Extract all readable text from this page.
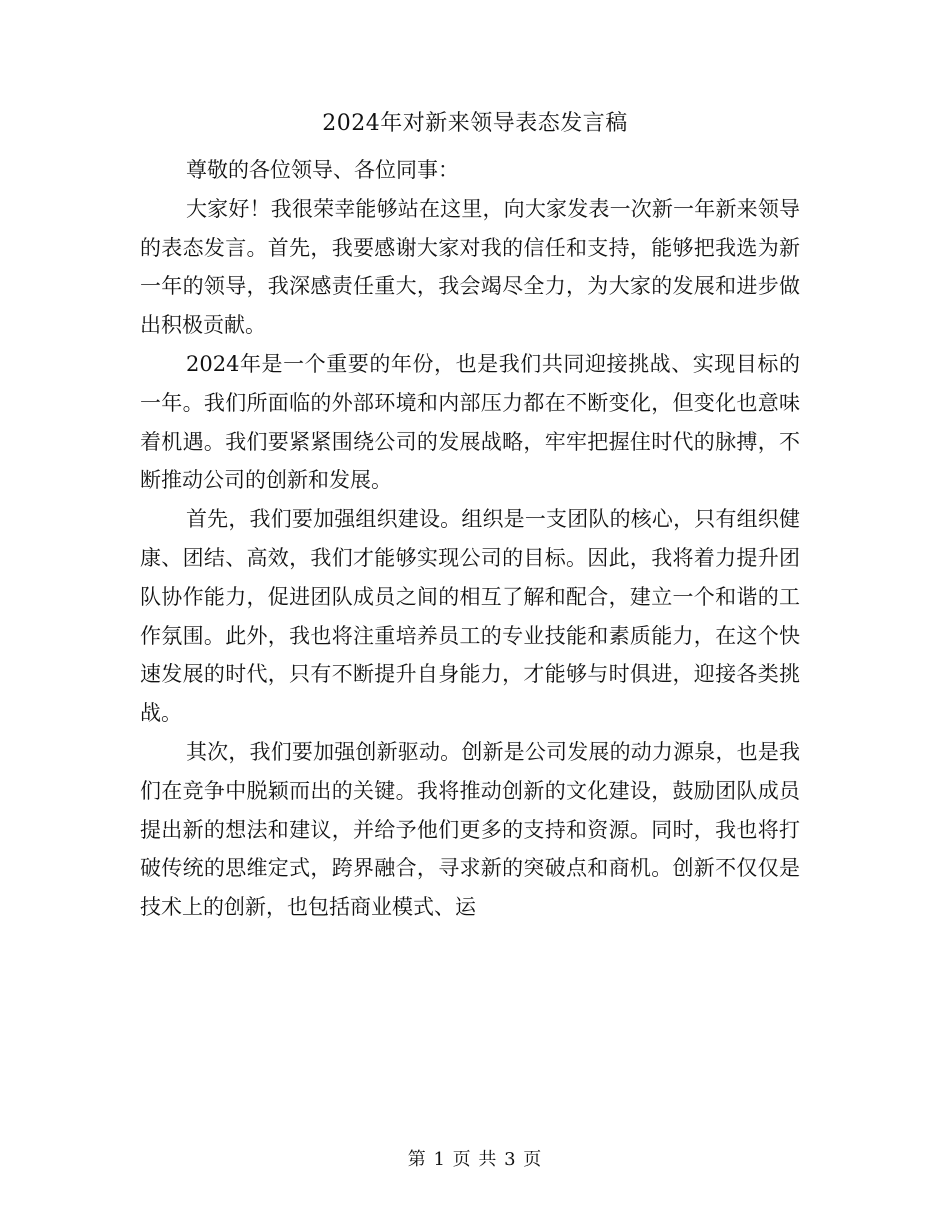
2024年对新来领导表态发言稿

尊敬的各位领导、各位同事：

大家好！我很荣幸能够站在这里，向大家发表一次新一年新来领导的表态发言。首先，我要感谢大家对我的信任和支持，能够把我选为新一年的领导，我深感责任重大，我会竭尽全力，为大家的发展和进步做出积极贡献。

2024年是一个重要的年份，也是我们共同迎接挑战、实现目标的一年。我们所面临的外部环境和内部压力都在不断变化，但变化也意味着机遇。我们要紧紧围绕公司的发展战略，牢牢把握住时代的脉搏，不断推动公司的创新和发展。

首先，我们要加强组织建设。组织是一支团队的核心，只有组织健康、团结、高效，我们才能够实现公司的目标。因此，我将着力提升团队协作能力，促进团队成员之间的相互了解和配合，建立一个和谐的工作氛围。此外，我也将注重培养员工的专业技能和素质能力，在这个快速发展的时代，只有不断提升自身能力，才能够与时俱进，迎接各类挑战。

其次，我们要加强创新驱动。创新是公司发展的动力源泉，也是我们在竞争中脱颖而出的关键。我将推动创新的文化建设，鼓励团队成员提出新的想法和建议，并给予他们更多的支持和资源。同时，我也将打破传统的思维定式，跨界融合，寻求新的突破点和商机。创新不仅仅是技术上的创新，也包括商业模式、运

第 1 页 共 3 页
